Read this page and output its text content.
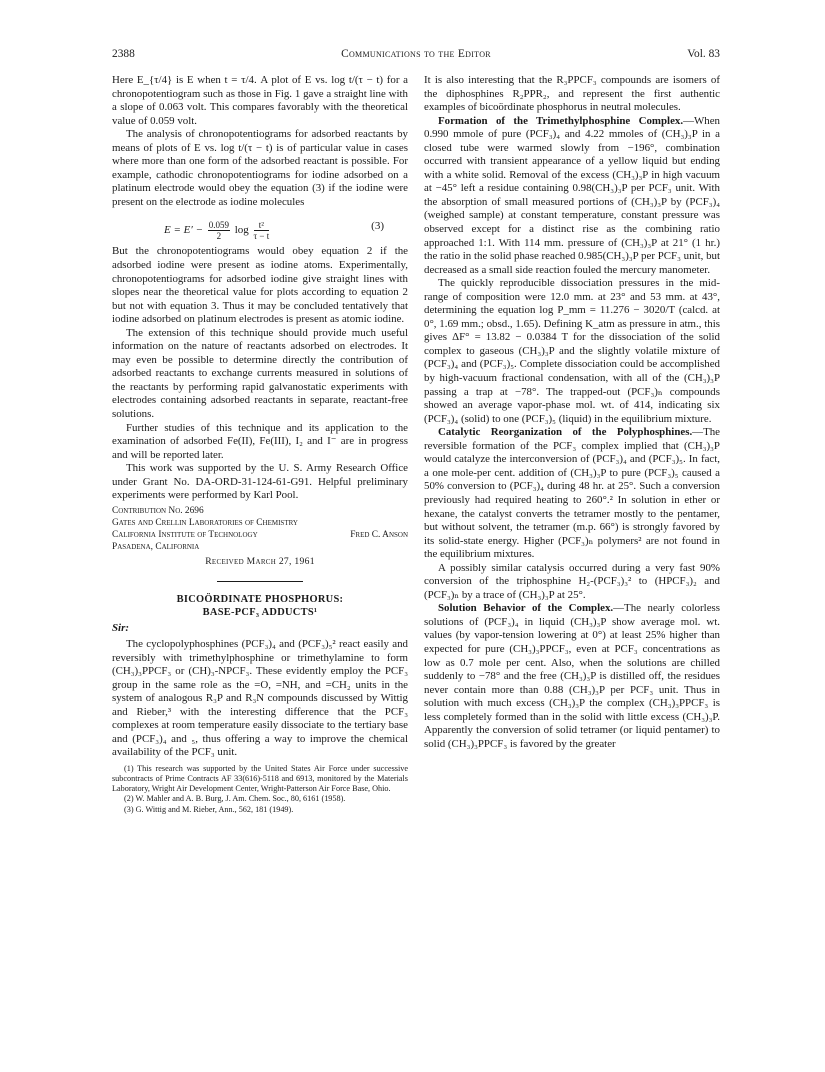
2388	Communications to the Editor	Vol. 83

Here E_{τ/4} is E when t = τ/4. A plot of E vs. log t/(τ − t) for a chronopotentiogram such as those in Fig. 1 gave a straight line with a slope of 0.063 volt. This compares favorably with the theoretical value of 0.059 volt.

The analysis of chronopotentiograms for adsorbed reactants by means of plots of E vs. log t/(τ − t) is of particular value in cases where more than one form of the adsorbed reactant is possible. For example, cathodic chronopotentiograms for iodine adsorbed on a platinum electrode would obey the equation (3) if the iodine were present on the electrode as iodine molecules

$E = E' - \frac{0.059}{2}$ $\log \frac{\text{t²}}{\tau - t}$	(3)

But the chronopotentiograms would obey equation 2 if the adsorbed iodine were present as iodine atoms. Experimentally, chronopotentiograms for adsorbed iodine give straight lines with slopes near the theoretical value for plots according to equation 2 but not with equation 3. Thus it may be concluded tentatively that iodine adsorbed on platinum electrodes is present as atomic iodine.

The extension of this technique should provide much useful information on the nature of reactants adsorbed on electrodes. It may even be possible to determine directly the contribution of adsorbed reactants to exchange currents measured in solutions of the reactants by performing rapid galvanostatic experiments with electrodes containing adsorbed reactants in separate, reactant-free solutions.

Further studies of this technique and its application to the examination of adsorbed Fe(II), Fe(III), I₂ and I⁻ are in progress and will be reported later.

This work was supported by the U. S. Army Research Office under Grant No. DA-ORD-31-124-61-G91. Helpful preliminary experiments were performed by Karl Pool.

Contribution No. 2696
Gates and Crellin Laboratories of Chemistry
California Institute of Technology	Fred C. Anson
Pasadena, California
Received March 27, 1961
BICOÖRDINATE PHOSPHORUS:
BASE-PCF₃ ADDUCTS¹
Sir:

The cyclopolyphosphines (PCF₃)₄ and (PCF₃)₅² react easily and reversibly with trimethylphosphine or trimethylamine to form (CH₃)₃PPCF₃ or (CH)₃-NPCF₃. These evidently employ the PCF₃ group in the same role as the =O, =NH, and =CH₂ units in the system of analogous R₃P and R₃N compounds discussed by Wittig and Rieber,³ with the interesting difference that the PCF₃ complexes at room temperature easily dissociate to the tertiary base and (PCF₃)₄ and ₅, thus offering a way to improve the chemical availability of the PCF₃ unit.

(1) This research was supported by the United States Air Force under successive subcontracts of Prime Contracts AF 33(616)-5118 and 6913, monitored by the Materials Laboratory, Wright Air Development Center, Wright-Patterson Air Force Base, Ohio.

(2) W. Mahler and A. B. Burg, J. Am. Chem. Soc., 80, 6161 (1958).

(3) G. Wittig and M. Rieber, Ann., 562, 181 (1949).

It is also interesting that the R₃PPCF₃ compounds are isomers of the diphosphines R₂PPR₂, and represent the first authentic examples of bicoördinate phosphorus in neutral molecules.

Formation of the Trimethylphosphine Complex.—When 0.990 mmole of pure (PCF₃)₄ and 4.22 mmoles of (CH₃)₃P in a closed tube were warmed slowly from −196°, combination occurred with transient appearance of a yellow liquid but ending with a white solid. Removal of the excess (CH₃)₃P in high vacuum at −45° left a residue containing 0.98(CH₃)₃P per PCF₃ unit. With the absorption of small measured portions of (CH₃)₃P by (PCF₃)₄ (weighed sample) at constant temperature, constant pressure was observed except for a distinct rise as the combining ratio approached 1:1. With 114 mm. pressure of (CH₃)₃P at 21° (1 hr.) the ratio in the solid phase reached 0.985(CH₃)₃P per PCF₃ unit, but decreased as a small side reaction fouled the mercury manometer.

The quickly reproducible dissociation pressures in the mid-range of composition were 12.0 mm. at 23° and 53 mm. at 43°, determining the equation log P_mm = 11.276 − 3020/T (calcd. at 0°, 1.69 mm.; obsd., 1.65). Defining K_atm as pressure in atm., this gives ΔF° = 13.82 − 0.0384 T for the dissociation of the solid complex to gaseous (CH₃)₃P and the slightly volatile mixture of (PCF₃)₄ and (PCF₃)₅. Complete dissociation could be accomplished by high-vacuum fractional condensation, with all of the (CH₃)₃P passing a trap at −78°. The trapped-out (PCF₃)ₙ compounds showed an average vapor-phase mol. wt. of 414, indicating six (PCF₃)₄ (solid) to one (PCF₃)₅ (liquid) in the equilibrium mixture.

Catalytic Reorganization of the Polyphosphines.—The reversible formation of the PCF₃ complex implied that (CH₃)₃P would catalyze the interconversion of (PCF₃)₄ and (PCF₃)₅. In fact, a one mole-per cent. addition of (CH₃)₃P to pure (PCF₃)₅ caused a 50% conversion to (PCF₃)₄ during 48 hr. at 25°. Such a conversion previously had required heating to 260°.² In solution in ether or hexane, the catalyst converts the tetramer mostly to the pentamer, but without solvent, the tetramer (m.p. 66°) is strongly favored by its solid-state energy. Higher (PCF₃)ₙ polymers² are not found in the equilibrium mixtures.

A possibly similar catalysis occurred during a very fast 90% conversion of the triphosphine H₂-(PCF₃)₃² to (HPCF₃)₂ and (PCF₃)ₙ by a trace of (CH₃)₃P at 25°.

Solution Behavior of the Complex.—The nearly colorless solutions of (PCF₃)₄ in liquid (CH₃)₃P show average mol. wt. values (by vapor-tension lowering at 0°) at least 25% higher than expected for pure (CH₃)₃PPCF₃, even at PCF₃ concentrations as low as 0.7 mole per cent. Also, when the solutions are chilled suddenly to −78° and the free (CH₃)₃P is distilled off, the residues never contain more than 0.88 (CH₃)₃P per PCF₃ unit. Thus in solution with much excess (CH₃)₃P the complex (CH₃)₃PPCF₃ is less completely formed than in the solid with little excess (CH₃)₃P. Apparently the conversion of solid tetramer (or liquid pentamer) to solid (CH₃)₃PPCF₃ is favored by the greater
